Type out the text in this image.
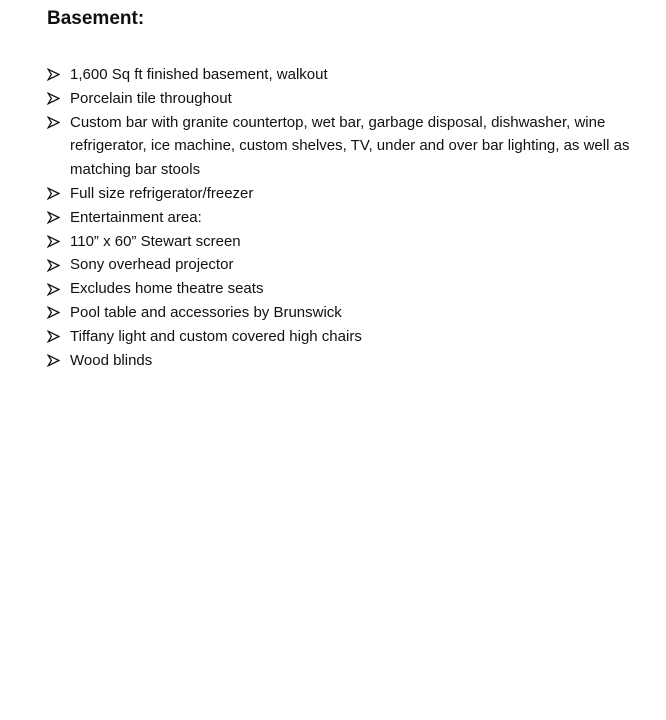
Basement:
1,600 Sq ft finished basement, walkout
Porcelain tile throughout
Custom bar with granite countertop, wet bar, garbage disposal, dishwasher, wine
refrigerator, ice machine, custom shelves, TV, under and over bar lighting, as well as
matching bar stools
Full size refrigerator/freezer
Entertainment area:
110” x 60” Stewart screen
Sony overhead projector
Excludes home theatre seats
Pool table and accessories by Brunswick
Tiffany light and custom covered high chairs
Wood blinds
